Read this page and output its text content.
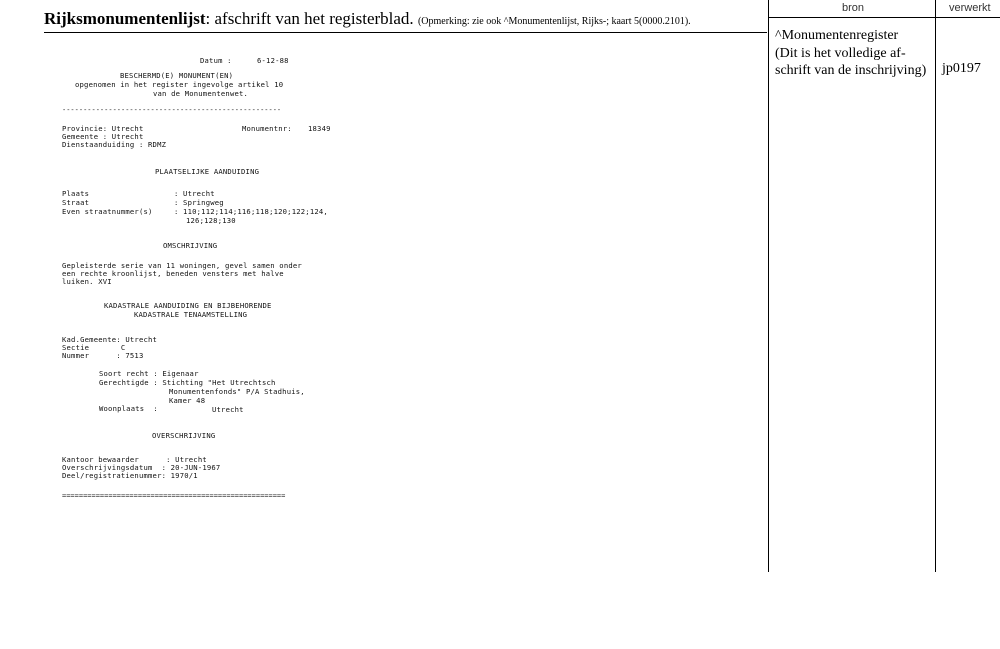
Rijksmonumentenlijst: afschrift van het registerblad. (Opmerking: zie ook ^Monumentenlijst, Rijks-; kaart 5(0000.2101).
bron	verwerkt
^Monumentenregister
(Dit is het volledige af-
schrift van de inschrijving) jp0197
Datum :	6-12-88
BESCHERMD(E) MONUMENT(EN)
opgenomen in het register ingevolge artikel 10
van de Monumentenwet.
----------------------------------------------------
Provincie: Utrecht	Monumentnr: 18349
Gemeente : Utrecht
Dienstaanduiding : RDMZ
PLAATSELIJKE AANDUIDING
Plaats	: Utrecht
Straat	: Springweg
Even straatnummer(s)	: 110;112;114;116;118;120;122;124,
126;128;130
OMSCHRIJVING
Gepleisterde serie van 11 woningen, gevel samen onder
een rechte kroonlijst, beneden vensters met halve
luiken. XVI
KADASTRALE AANDUIDING EN BIJBEHORENDE
KADASTRALE TENAAMSTELLING
Kad.Gemeente: Utrecht
Sectie       C
Nummer      : 7513
Soort recht : Eigenaar
Gerechtigde : Stichting "Het Utrechtsch
Monumentenfonds" P/A Stadhuis,
Kamer 48
Woonplaats  :	Utrecht
OVERSCHRIJVING
Kantoor bewaarder      : Utrecht
Overschrijvingsdatum  : 20-JUN-1967
Deel/registratienummer: 1970/1
=====================================================
